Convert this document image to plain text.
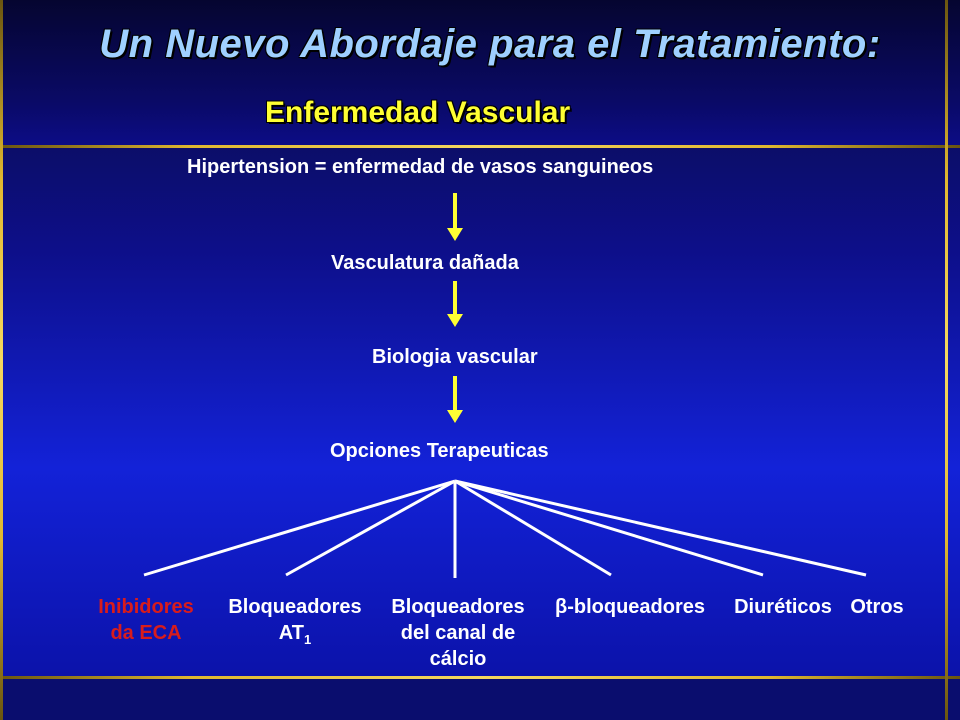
Un Nuevo Abordaje para el Tratamiento:
Enfermedad Vascular
Hipertension = enfermedad de vasos sanguineos
Vasculatura dañada
Biologia vascular
Opciones Terapeuticas
Inibidores
da ECA
Bloqueadores
$AT_1$
Bloqueadores
del canal de
cálcio
β-bloqueadores	Diuréticos Otros
